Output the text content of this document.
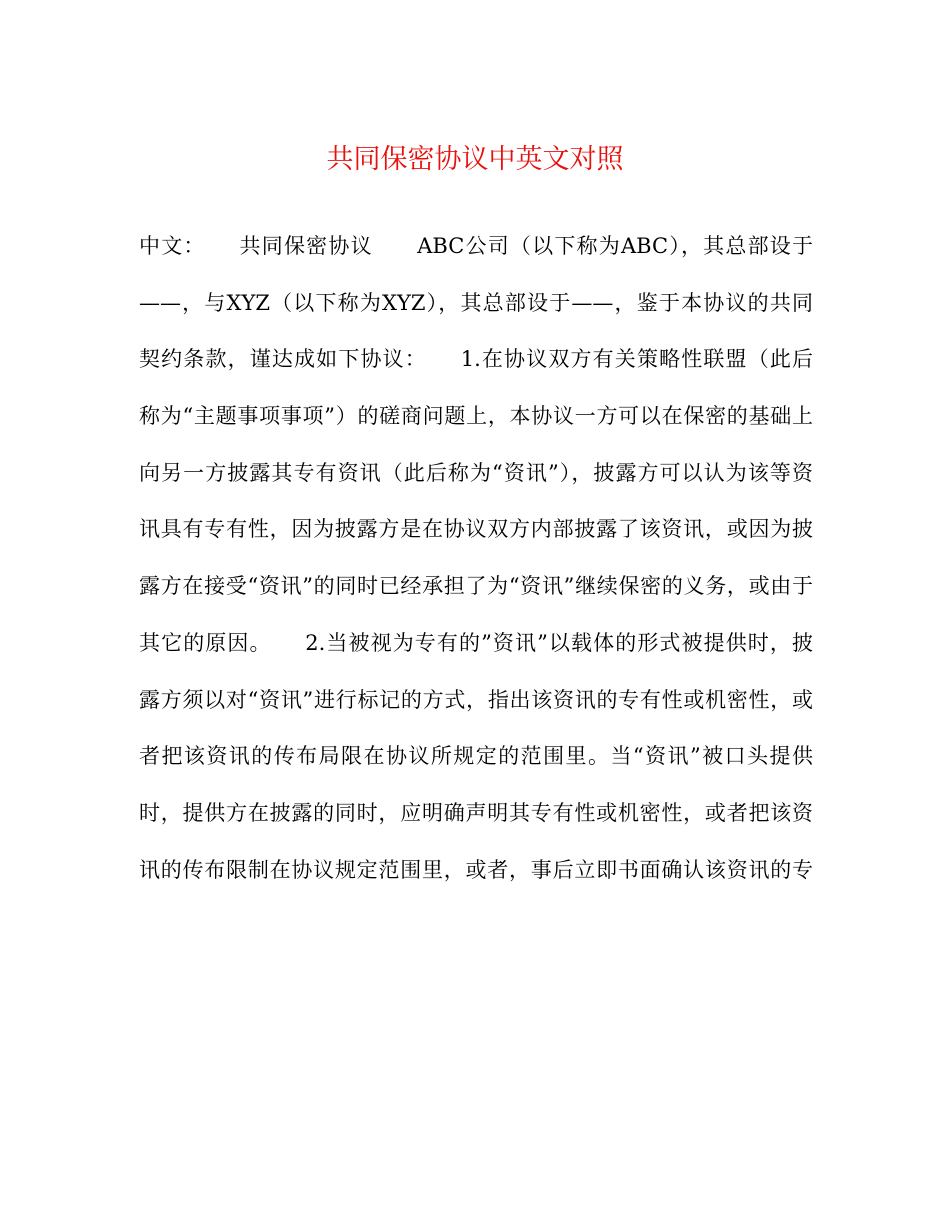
共同保密协议中英文对照
中文：　　共同保密协议　　ABC公司（以下称为ABC），其总部设于
——，与XYZ（以下称为XYZ），其总部设于——，鉴于本协议的共同
契约条款，谨达成如下协议：　　1.在协议双方有关策略性联盟（此后
称为“主题事项事项”）的磋商问题上，本协议一方可以在保密的基础上
向另一方披露其专有资讯（此后称为“资讯”），披露方可以认为该等资
讯具有专有性，因为披露方是在协议双方内部披露了该资讯，或因为披
露方在接受“资讯”的同时已经承担了为“资讯”继续保密的义务，或由于
其它的原因。　　2.当被视为专有的”资讯”以载体的形式被提供时，披
露方须以对“资讯”进行标记的方式，指出该资讯的专有性或机密性，或
者把该资讯的传布局限在协议所规定的范围里。当“资讯”被口头提供
时，提供方在披露的同时，应明确声明其专有性或机密性，或者把该资
讯的传布限制在协议规定范围里，或者，事后立即书面确认该资讯的专
